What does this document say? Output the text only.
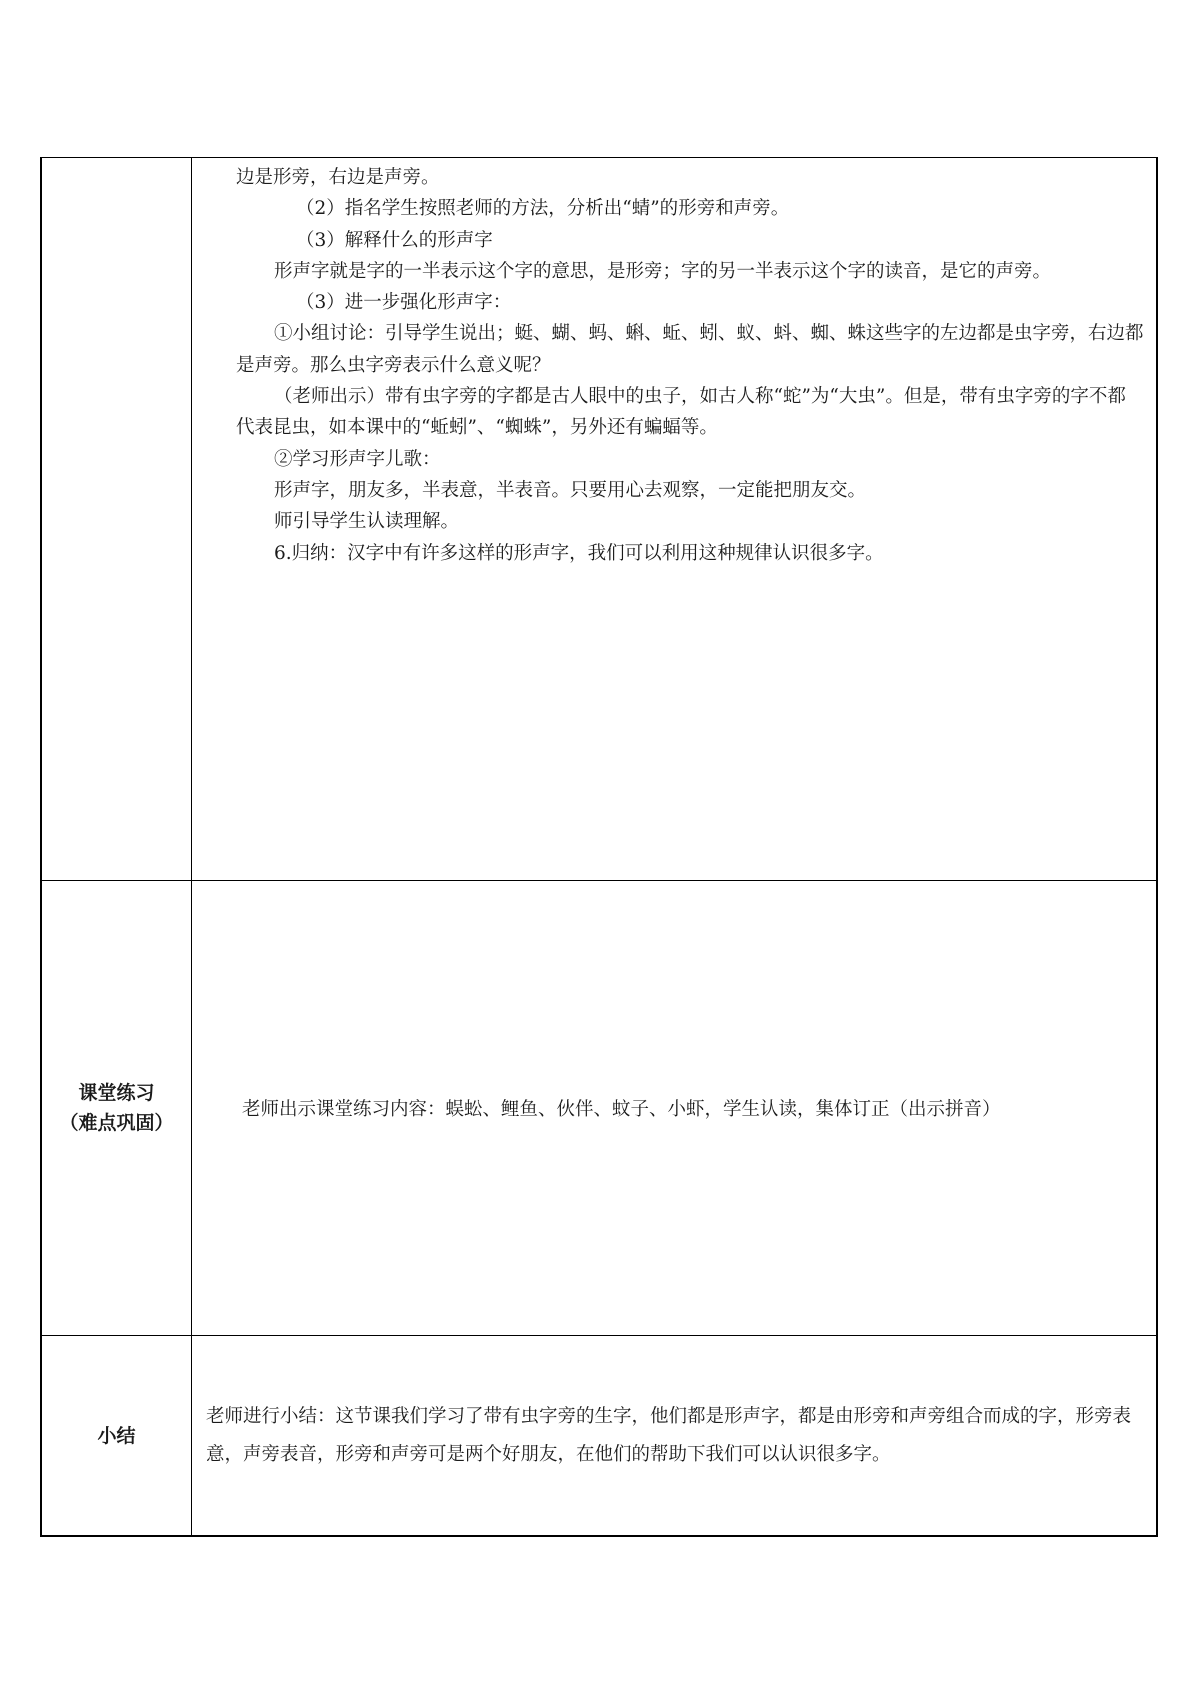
边是形旁，右边是声旁。
（2）指名学生按照老师的方法，分析出“蜻”的形旁和声旁。
（3）解释什么的形声字
形声字就是字的一半表示这个字的意思，是形旁；字的另一半表示这个字的读音，是它的声旁。
（3）进一步强化形声字：
①小组讨论：引导学生说出；蜓、蝴、蚂、蝌、蚯、蚓、蚁、蚪、蜘、蛛这些字的左边都是虫字旁，右边都是声旁。那么虫字旁表示什么意义呢？
（老师出示）带有虫字旁的字都是古人眼中的虫子，如古人称“蛇”为“大虫”。但是，带有虫字旁的字不都代表昆虫，如本课中的“蚯蚓”、“蜘蛛”，另外还有蝙蝠等。
②学习形声字儿歌：
形声字，朋友多，半表意，半表音。只要用心去观察，一定能把朋友交。
师引导学生认读理解。
6.归纳：汉字中有许多这样的形声字，我们可以利用这种规律认识很多字。
课堂练习
（难点巩固）
老师出示课堂练习内容：蜈蚣、鲤鱼、伙伴、蚊子、小虾，学生认读，集体订正（出示拼音）
小结
老师进行小结：这节课我们学习了带有虫字旁的生字，他们都是形声字，都是由形旁和声旁组合而成的字，形旁表意，声旁表音，形旁和声旁可是两个好朋友，在他们的帮助下我们可以认识很多字。
